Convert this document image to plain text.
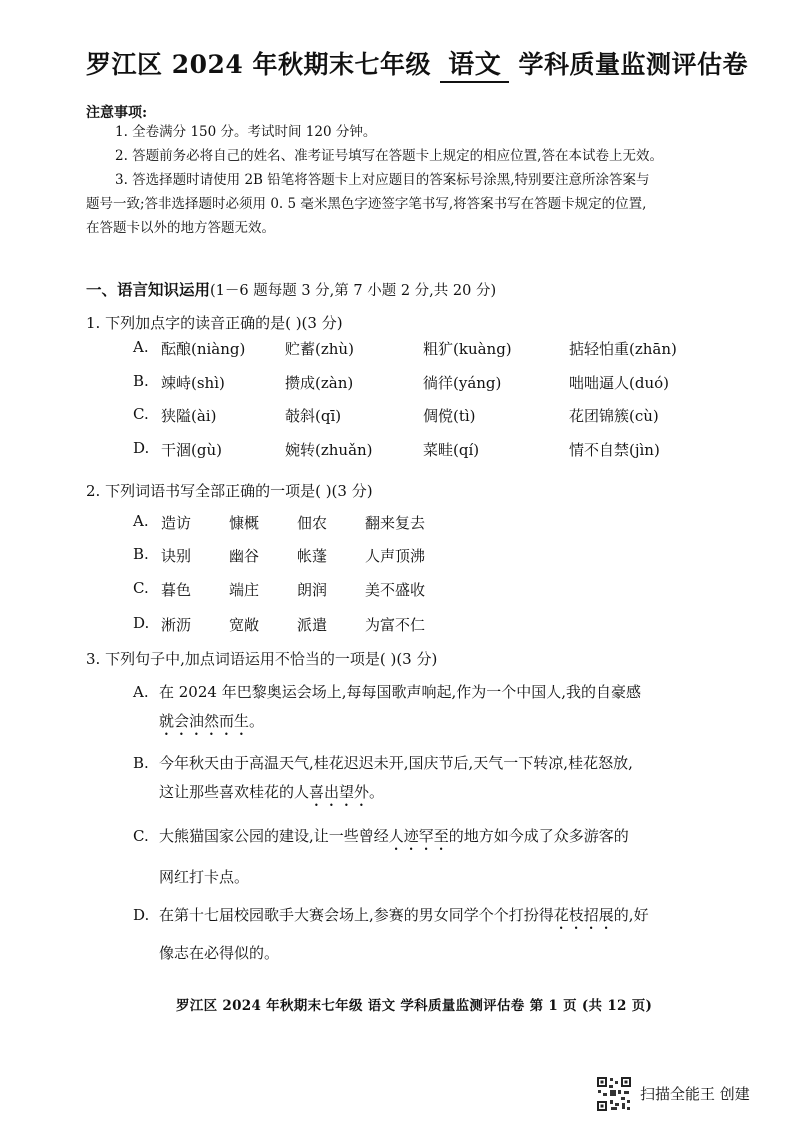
罗江区 2024 年秋期末七年级 语文 学科质量监测评估卷
注意事项:
1. 全卷满分 150 分。考试时间 120 分钟。
2. 答题前务必将自己的姓名、准考证号填写在答题卡上规定的相应位置,答在本试卷上无效。
3. 答选择题时请使用 2B 铅笔将答题卡上对应题目的答案标号涂黑,特别要注意所涂答案与
题号一致;答非选择题时必须用 0. 5 毫米黑色字迹签字笔书写,将答案书写在答题卡规定的位置,
在答题卡以外的地方答题无效。
一、语言知识运用(1－6 题每题 3 分,第 7 小题 2 分,共 20 分)
1. 下列加点字的读音正确的是( )(3 分)
A. 酝酿(niàng)	贮蓄(zhù)	粗犷(kuàng)	掂轻怕重(zhān)
B. 竦峙(shì)	攒成(zàn)	徜徉(yáng)	咄咄逼人(duó)
C. 狭隘(ài)	攲斜(qī)	倜傥(tì)	花团锦簇(cù)
D. 干涸(gù)	婉转(zhuǎn)	菜畦(qí)	情不自禁(jìn)
2. 下列词语书写全部正确的一项是( )(3 分)
A. 造访	慷概	佃农	翻来复去
B. 诀别	幽谷	帐蓬	人声顶沸
C. 暮色	端庄	朗润	美不盛收
D. 淅沥	宽敞	派遣	为富不仁
3. 下列句子中,加点词语运用不恰当的一项是( )(3 分)
A. 在 2024 年巴黎奥运会场上,每每国歌声响起,作为一个中国人,我的自豪感
就会油然而生。
B. 今年秋天由于高温天气,桂花迟迟未开,国庆节后,天气一下转凉,桂花怒放,
这让那些喜欢桂花的人喜出望外。
C. 大熊猫国家公园的建设,让一些曾经人迹罕至的地方如今成了众多游客的
网红打卡点。
D. 在第十七届校园歌手大赛会场上,参赛的男女同学个个打扮得花枝招展的,好
像志在必得似的。
罗江区 2024 年秋期末七年级 语文 学科质量监测评估卷 第 1 页 (共 12 页)
扫描全能王 创建
